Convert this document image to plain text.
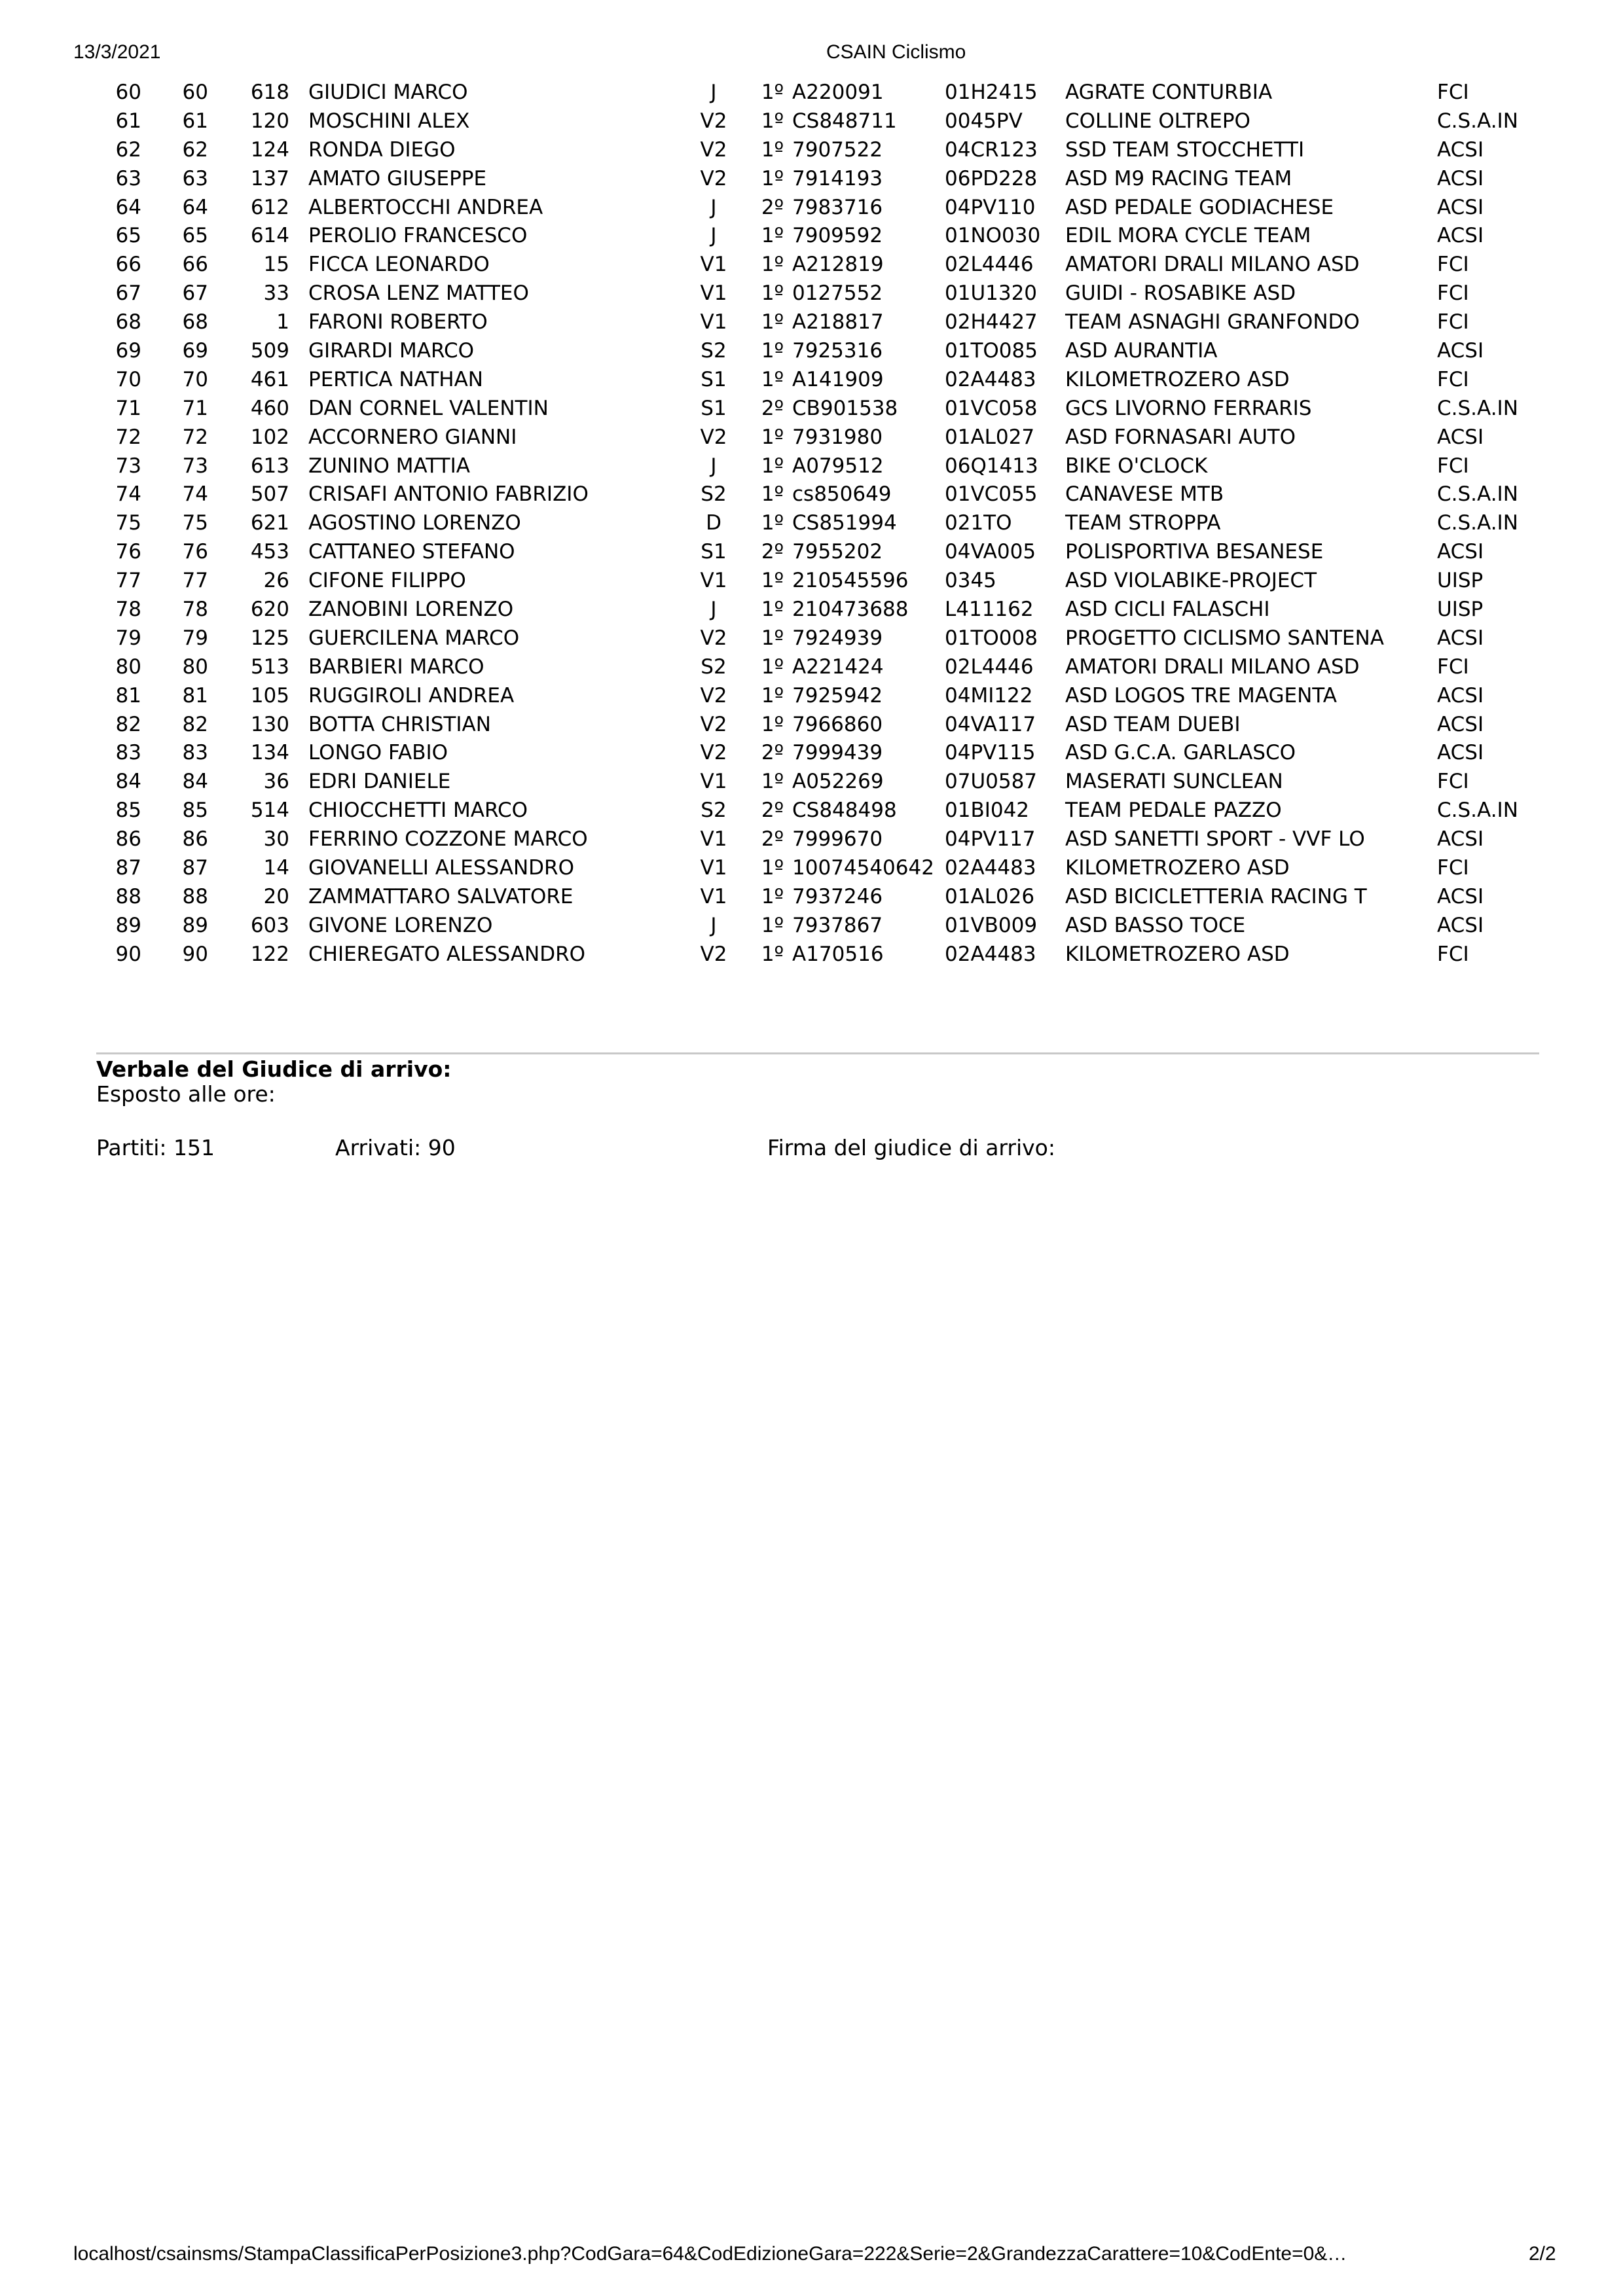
13/3/2021	CSAIN Ciclismo
60	60	618 GIUDICI MARCO	J	1º A220091	01H2415 AGRATE CONTURBIA	FCI
61	61	120 MOSCHINI ALEX	V2	1º CS848711 0045PV COLLINE OLTREPO	C.S.A.IN
62	62	124 RONDA DIEGO	V2	1º 7907522	04CR123 SSD TEAM STOCCHETTI	ACSI
63	63	137 AMATO GIUSEPPE	V2	1º 7914193	06PD228 ASD M9 RACING TEAM	ACSI
64	64	612 ALBERTOCCHI ANDREA	J	2º 7983716	04PV110 ASD PEDALE GODIACHESE	ACSI
65	65	614 PEROLIO FRANCESCO	J	1º 7909592	01NO030 EDIL MORA CYCLE TEAM	ACSI
66	66	15 FICCA LEONARDO	V1	1º A212819	02L4446 AMATORI DRALI MILANO ASD	FCI
67	67	33 CROSA LENZ MATTEO	V1	1º 0127552	01U1320 GUIDI - ROSABIKE ASD	FCI
68	68	1 FARONI ROBERTO	V1	1º A218817	02H4427 TEAM ASNAGHI GRANFONDO	FCI
69	69	509 GIRARDI MARCO	S2	1º 7925316	01TO085 ASD AURANTIA	ACSI
70	70	461 PERTICA NATHAN	S1	1º A141909	02A4483 KILOMETROZERO ASD	FCI
71	71	460 DAN CORNEL VALENTIN	S1	2º CB901538 01VC058 GCS LIVORNO FERRARIS	C.S.A.IN
72	72	102 ACCORNERO GIANNI	V2	1º 7931980	01AL027 ASD FORNASARI AUTO	ACSI
73	73	613 ZUNINO MATTIA	J	1º A079512	06Q1413 BIKE O'CLOCK	FCI
74	74	507 CRISAFI ANTONIO FABRIZIO	S2	1º cs850649	01VC055 CANAVESE MTB	C.S.A.IN
75	75	621 AGOSTINO LORENZO	D	1º CS851994 021TO	TEAM STROPPA	C.S.A.IN
76	76	453 CATTANEO STEFANO	S1	2º 7955202	04VA005 POLISPORTIVA BESANESE	ACSI
77	77	26 CIFONE FILIPPO	V1	1º 210545596 0345	ASD VIOLABIKE-PROJECT	UISP
78	78	620 ZANOBINI LORENZO	J	1º 210473688 L411162 ASD CICLI FALASCHI	UISP
79	79	125 GUERCILENA MARCO	V2	1º 7924939	01TO008 PROGETTO CICLISMO SANTENA	ACSI
80	80	513 BARBIERI MARCO	S2	1º A221424	02L4446 AMATORI DRALI MILANO ASD	FCI
81	81	105 RUGGIROLI ANDREA	V2	1º 7925942	04MI122 ASD LOGOS TRE MAGENTA	ACSI
82	82	130 BOTTA CHRISTIAN	V2	1º 7966860	04VA117 ASD TEAM DUEBI	ACSI
83	83	134 LONGO FABIO	V2	2º 7999439	04PV115 ASD G.C.A. GARLASCO	ACSI
84	84	36 EDRI DANIELE	V1	1º A052269	07U0587 MASERATI SUNCLEAN	FCI
85	85	514 CHIOCCHETTI MARCO	S2	2º CS848498 01BI042 TEAM PEDALE PAZZO	C.S.A.IN
86	86	30 FERRINO COZZONE MARCO	V1	2º 7999670	04PV117 ASD SANETTI SPORT - VVF LO	ACSI
87	87	14 GIOVANELLI ALESSANDRO	V1	1º 10074540642 02A4483 KILOMETROZERO ASD	FCI
88	88	20 ZAMMATTARO SALVATORE	V1	1º 7937246	01AL026 ASD BICICLETTERIA RACING T	ACSI
89	89	603 GIVONE LORENZO	J	1º 7937867	01VB009 ASD BASSO TOCE	ACSI
90	90	122 CHIEREGATO ALESSANDRO	V2	1º A170516	02A4483 KILOMETROZERO ASD	FCI
Verbale del Giudice di arrivo:
Esposto alle ore:
Partiti: 151	Arrivati: 90	Firma del giudice di arrivo:
localhost/csainsms/StampaClassificaPerPosizione3.php?CodGara=64&CodEdizioneGara=222&Serie=2&GrandezzaCarattere=10&CodEnte=0&…	2/2
